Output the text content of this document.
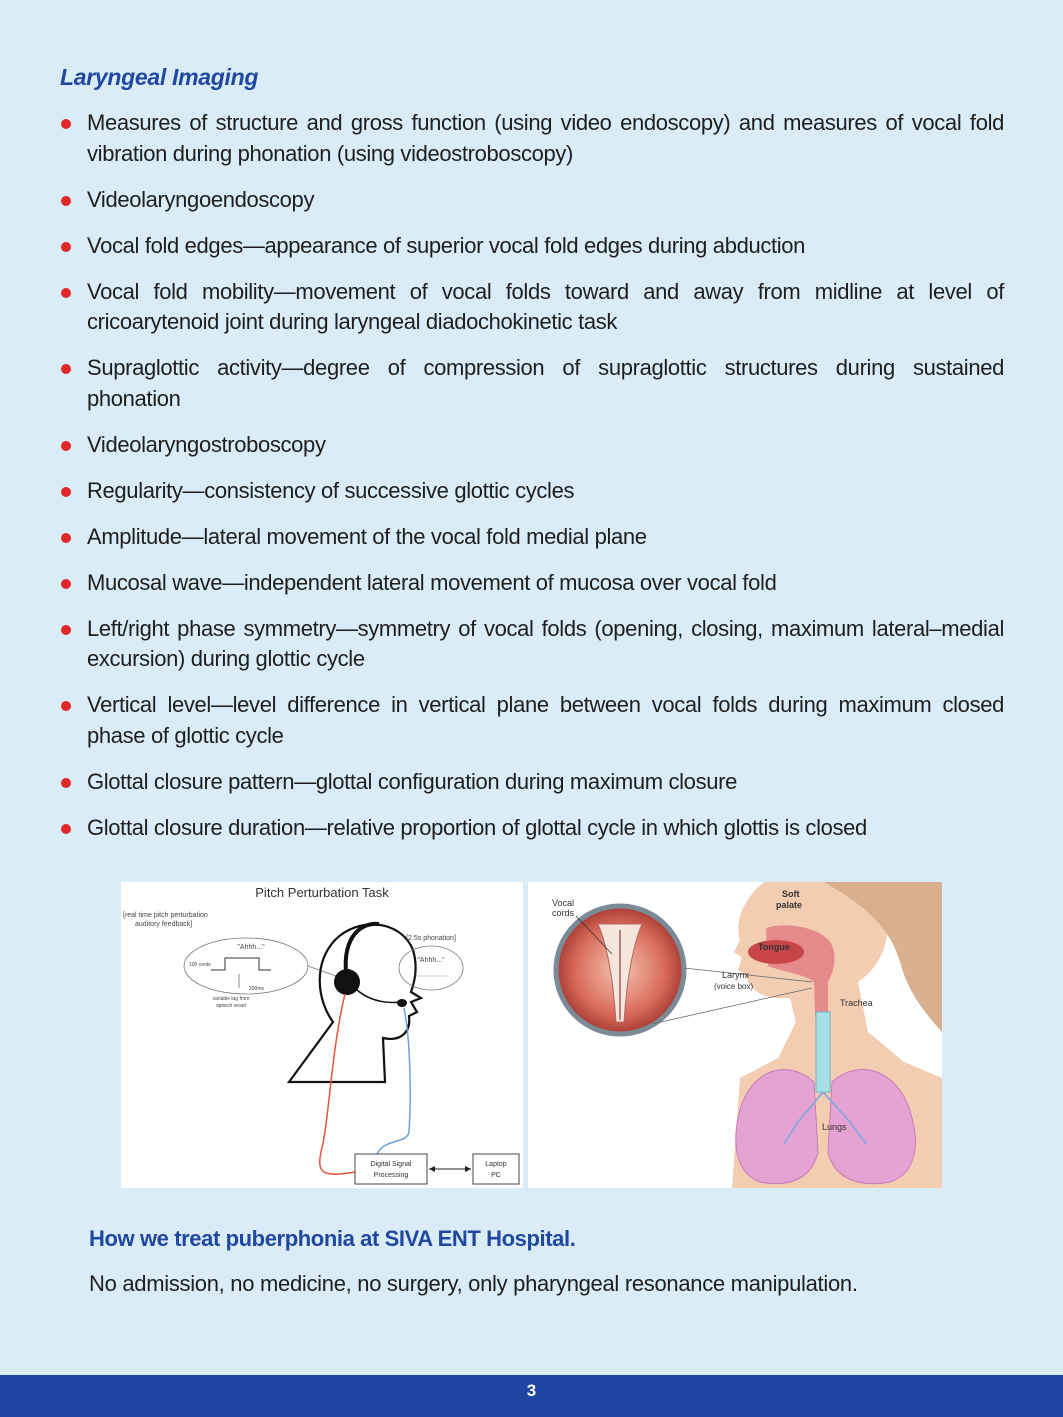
Laryngeal Imaging
Measures of structure and gross function (using video endoscopy) and measures of vocal fold vibration during phonation (using videostroboscopy)
Videolaryngoendoscopy
Vocal fold edges—appearance of superior vocal fold edges during abduction
Vocal fold mobility—movement of vocal folds toward and away from midline at level of cricoarytenoid joint during laryngeal diadochokinetic task
Supraglottic activity—degree of compression of supraglottic structures during sustained phonation
Videolaryngostroboscopy
Regularity—consistency of successive glottic cycles
Amplitude—lateral movement of the vocal fold medial plane
Mucosal wave—independent lateral movement of mucosa over vocal fold
Left/right phase symmetry—symmetry of vocal folds (opening, closing, maximum lateral–medial excursion) during glottic cycle
Vertical level—level difference in vertical plane between vocal folds during maximum closed phase of glottic cycle
Glottal closure pattern—glottal configuration during maximum closure
Glottal closure duration—relative proportion of glottal cycle in which glottis is closed
Pitch Perturbation Task
[real time pitch perturbation
auditory feedback]
"Ahhh..."
100 cents
200ms
variable lag from
speech onset
[2.5s phonation]
"Ahhh..."
Digital Signal
Processing
Laptop
PC
Vocal
cords
Soft
palate
Tongue
Larynx
(voice box)
Trachea
Lungs
How we treat puberphonia at SIVA ENT Hospital.
No admission, no medicine, no surgery, only pharyngeal resonance manipulation.
3
